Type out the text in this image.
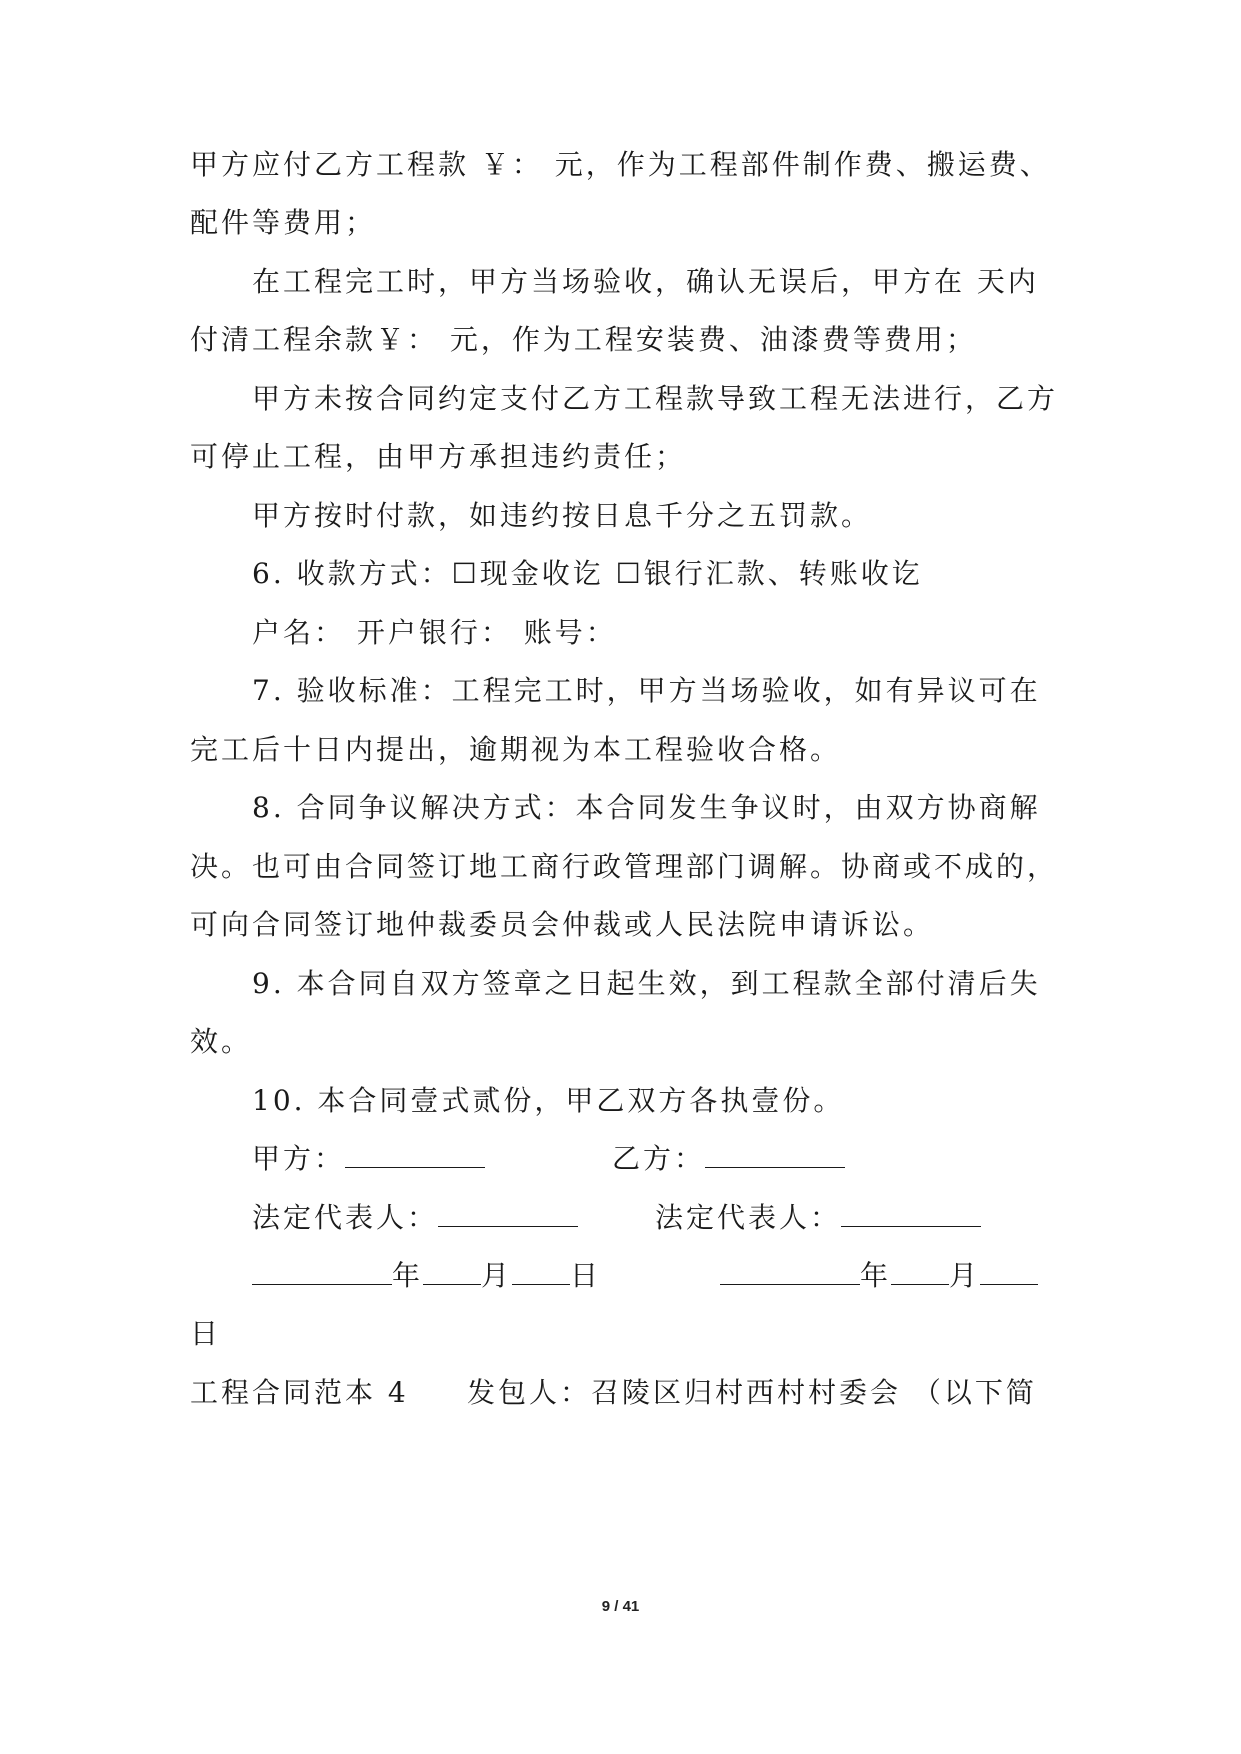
甲方应付乙方工程款 ￥： 元，作为工程部件制作费、搬运费、
配件等费用；
在工程完工时，甲方当场验收，确认无误后，甲方在 天内
付清工程余款￥： 元，作为工程安装费、油漆费等费用；
甲方未按合同约定支付乙方工程款导致工程无法进行，乙方
可停止工程，由甲方承担违约责任；
甲方按时付款，如违约按日息千分之五罚款。
6. 收款方式：☐现金收讫 ☐银行汇款、转账收讫
户名： 开户银行： 账号：
7. 验收标准：工程完工时，甲方当场验收，如有异议可在
完工后十日内提出，逾期视为本工程验收合格。
8. 合同争议解决方式：本合同发生争议时，由双方协商解
决。也可由合同签订地工商行政管理部门调解。协商或不成的，
可向合同签订地仲裁委员会仲裁或人民法院申请诉讼。
9. 本合同自双方签章之日起生效，到工程款全部付清后失
效。
10. 本合同壹式贰份，甲乙双方各执壹份。
甲方：	乙方：
法定代表人：	法定代表人：
年 月 日	年 月
日
工程合同范本 4 发包人：召陵区归村西村村委会 （以下简
9 / 41
